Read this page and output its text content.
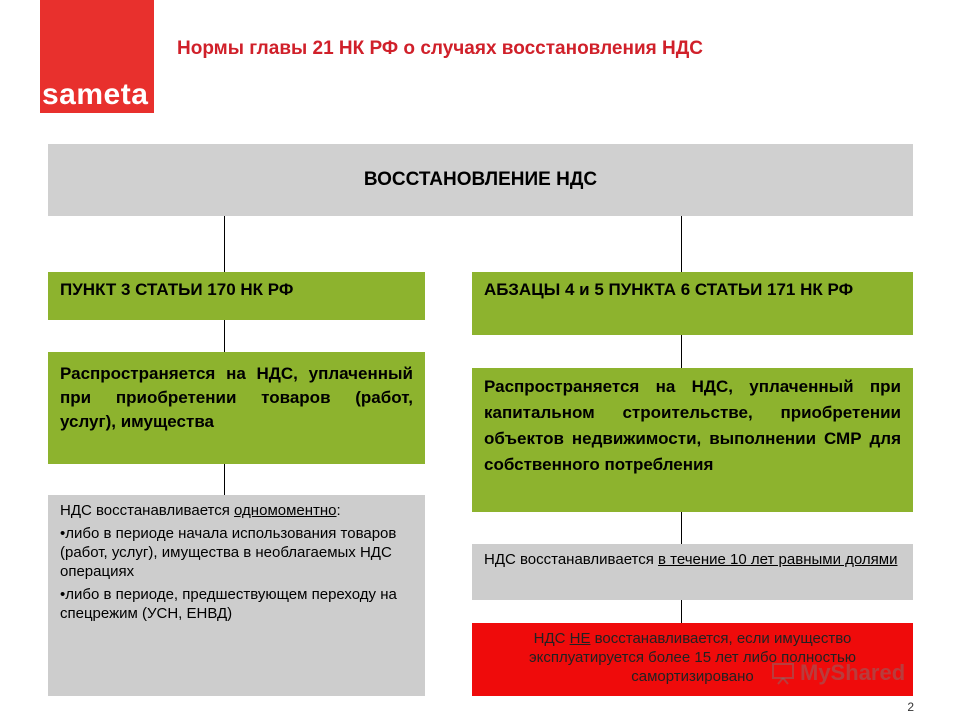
sameta
Нормы главы 21 НК РФ о случаях восстановления НДС
ВОССТАНОВЛЕНИЕ НДС
ПУНКТ 3 СТАТЬИ 170 НК РФ
Распространяется на НДС, уплаченный при приобретении товаров (работ, услуг), имущества

НДС восстанавливается одномоментно:

•либо в периоде начала использования товаров (работ, услуг), имущества в необлагаемых НДС операциях

•либо в периоде, предшествующем переходу на спецрежим (УСН, ЕНВД)

АБЗАЦЫ 4 и 5 ПУНКТА 6 СТАТЬИ 171 НК РФ
Распространяется на НДС, уплаченный при капитальном строительстве, приобретении объектов недвижимости, выполнении СМР для собственного потребления
НДС восстанавливается в течение 10 лет равными долями
НДС НЕ восстанавливается, если имущество эксплуатируется более 15 лет либо полностью самортизировано	MyShared
2
